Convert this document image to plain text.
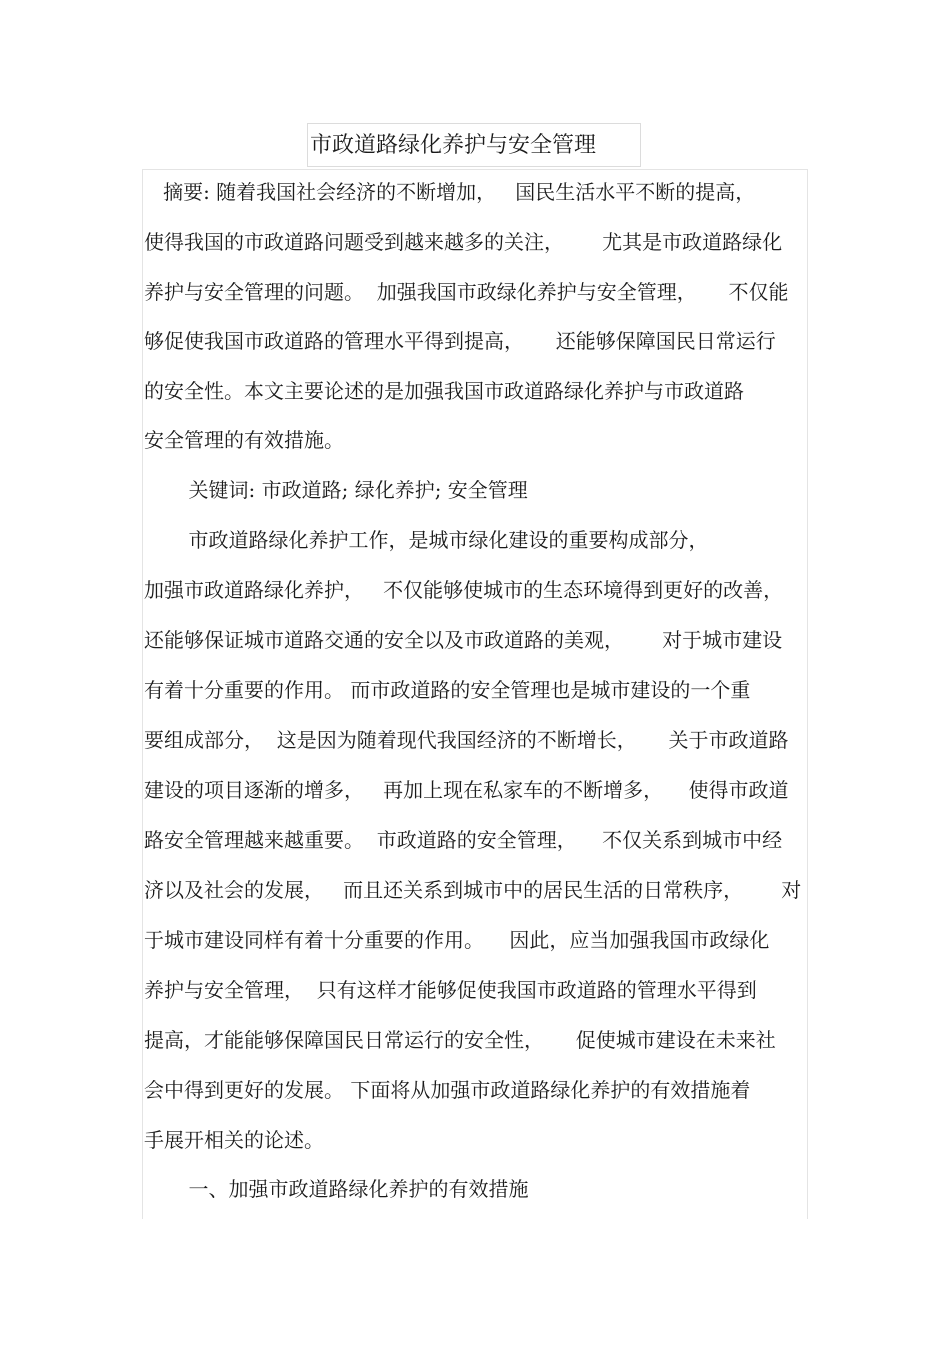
市政道路绿化养护与安全管理

摘要: 随着我国社会经济的不断增加，   国民生活水平不断的提高，

使得我国的市政道路问题受到越来越多的关注，      尤其是市政道路绿化

养护与安全管理的问题。  加强我国市政绿化养护与安全管理，     不仅能

够促使我国市政道路的管理水平得到提高，     还能够保障国民日常运行

的安全性。本文主要论述的是加强我国市政道路绿化养护与市政道路

安全管理的有效措施。

关键词: 市政道路; 绿化养护; 安全管理

市政道路绿化养护工作，是城市绿化建设的重要构成部分，

加强市政道路绿化养护，   不仅能够使城市的生态环境得到更好的改善，

还能够保证城市道路交通的安全以及市政道路的美观，      对于城市建设

有着十分重要的作用。 而市政道路的安全管理也是城市建设的一个重

要组成部分，  这是因为随着现代我国经济的不断增长，     关于市政道路

建设的项目逐渐的增多，   再加上现在私家车的不断增多，    使得市政道

路安全管理越来越重要。  市政道路的安全管理，    不仅关系到城市中经

济以及社会的发展，   而且还关系到城市中的居民生活的日常秩序，      对

于城市建设同样有着十分重要的作用。    因此，应当加强我国市政绿化

养护与安全管理，  只有这样才能够促使我国市政道路的管理水平得到

提高，才能能够保障国民日常运行的安全性，     促使城市建设在未来社

会中得到更好的发展。 下面将从加强市政道路绿化养护的有效措施着

手展开相关的论述。

一、加强市政道路绿化养护的有效措施
